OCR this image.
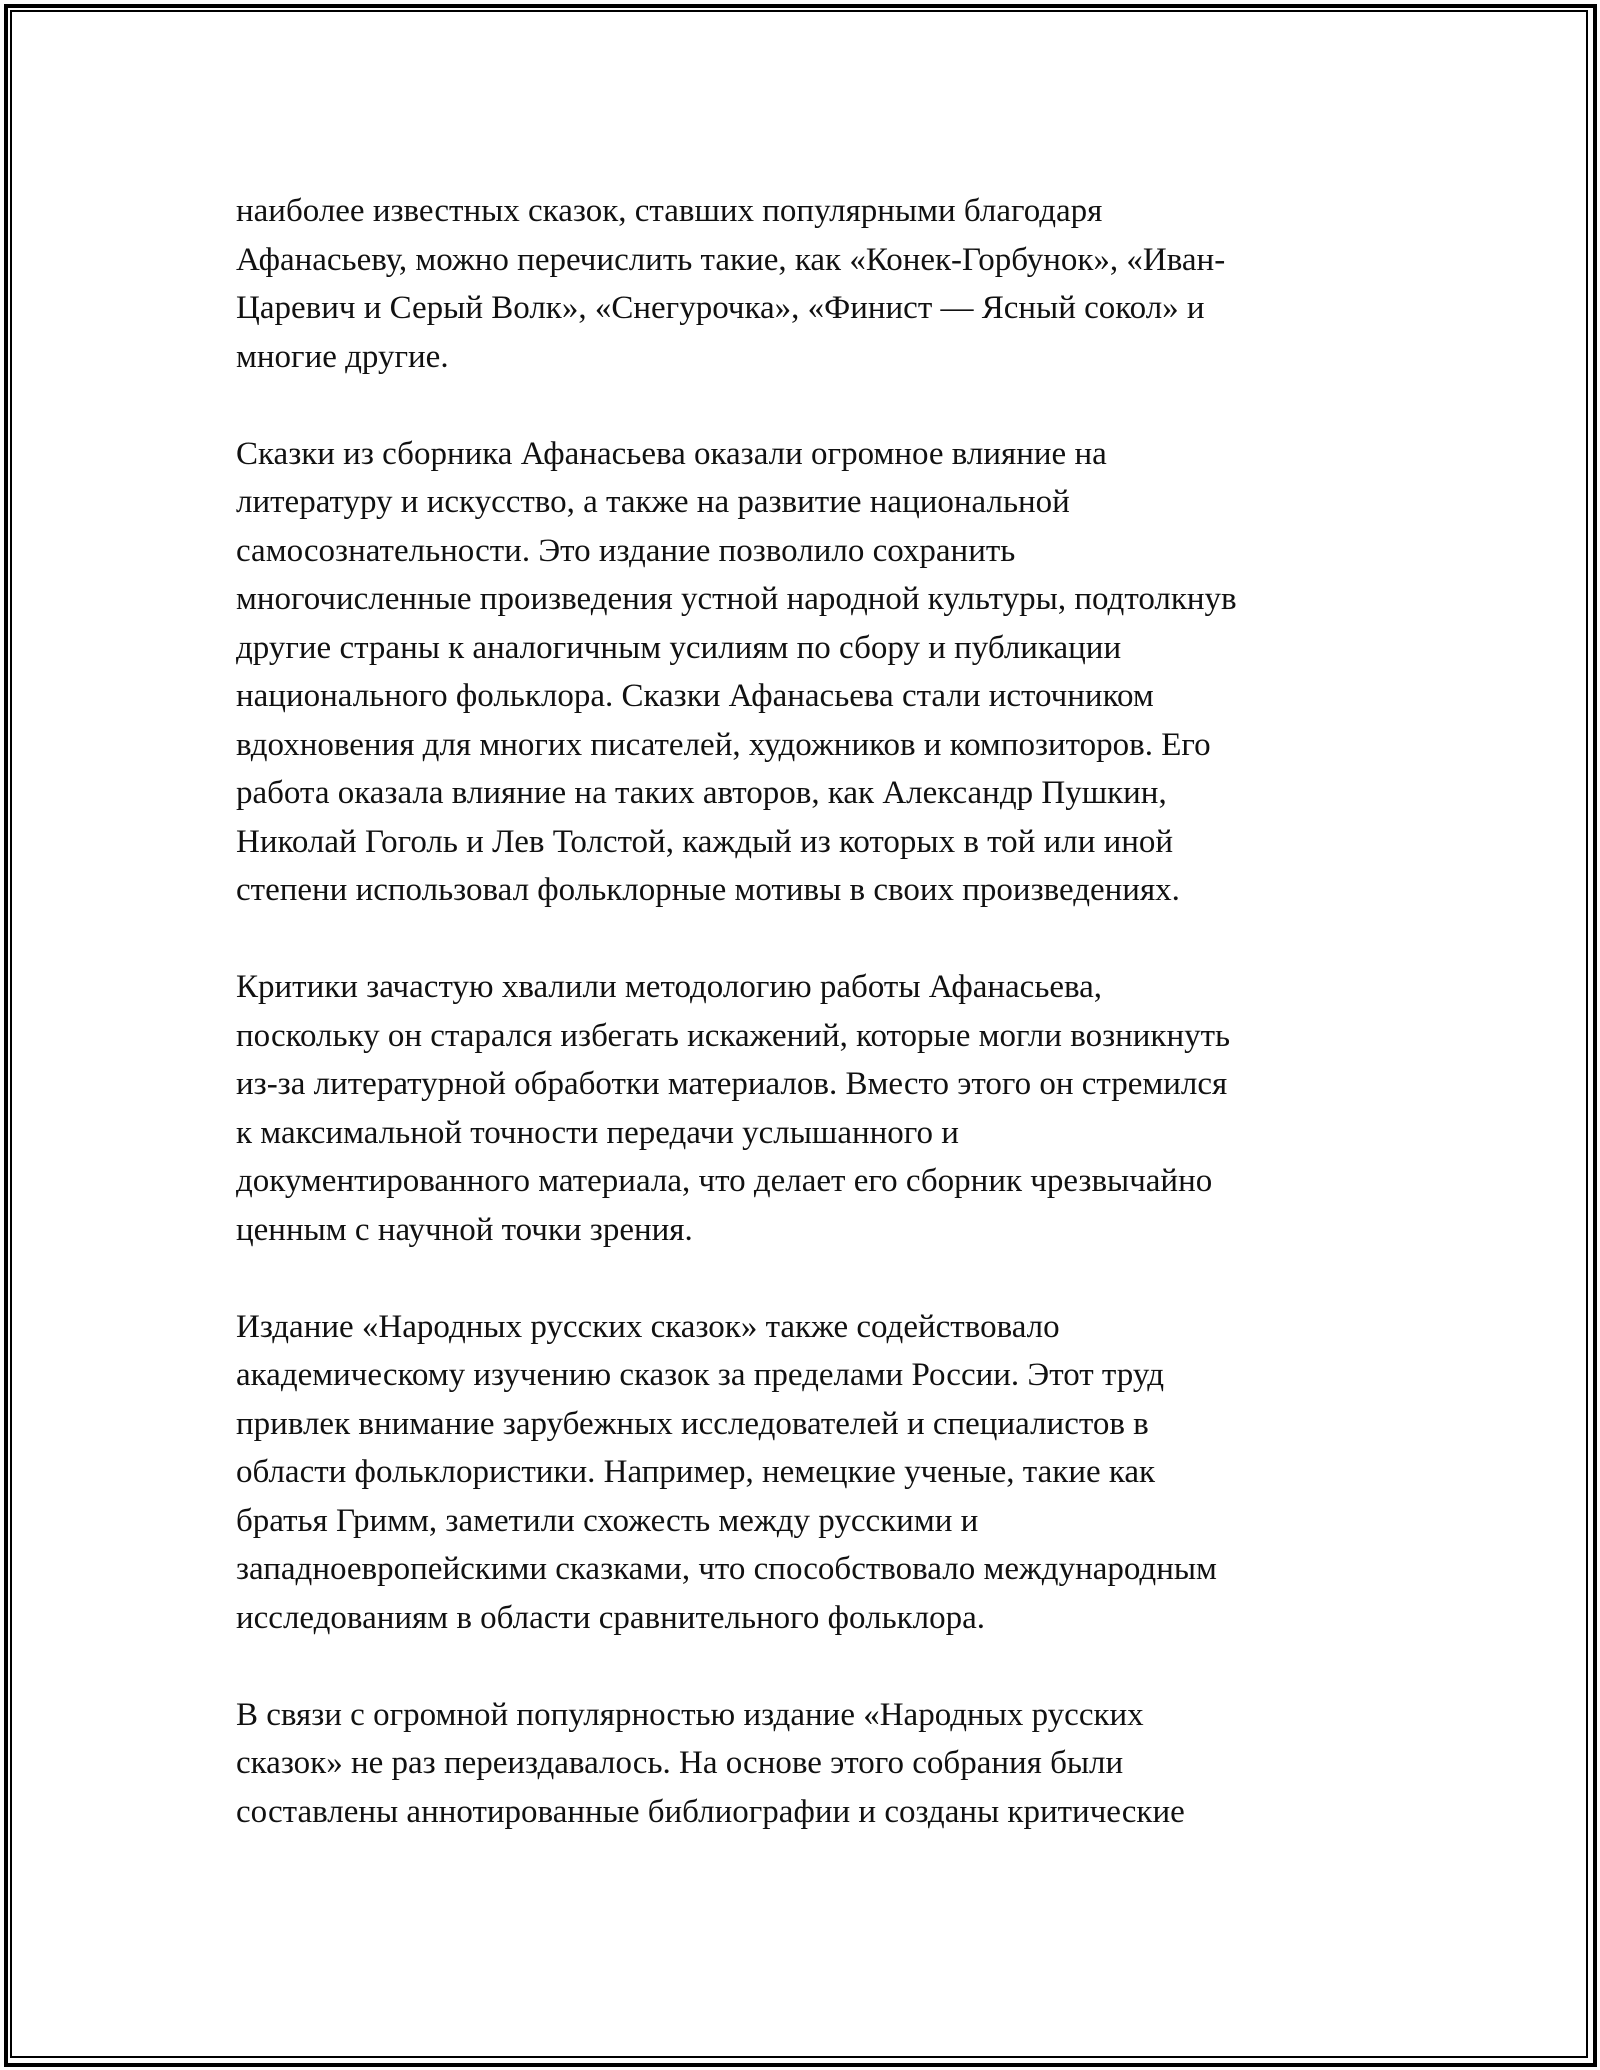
наиболее известных сказок, ставших популярными благодаря
Афанасьеву, можно перечислить такие, как «Конек-Горбунок», «Иван-
Царевич и Серый Волк», «Снегурочка», «Финист — Ясный сокол» и
многие другие.

Сказки из сборника Афанасьева оказали огромное влияние на
литературу и искусство, а также на развитие национальной
самосознательности. Это издание позволило сохранить
многочисленные произведения устной народной культуры, подтолкнув
другие страны к аналогичным усилиям по сбору и публикации
национального фольклора. Сказки Афанасьева стали источником
вдохновения для многих писателей, художников и композиторов. Его
работа оказала влияние на таких авторов, как Александр Пушкин,
Николай Гоголь и Лев Толстой, каждый из которых в той или иной
степени использовал фольклорные мотивы в своих произведениях.

Критики зачастую хвалили методологию работы Афанасьева,
поскольку он старался избегать искажений, которые могли возникнуть
из-за литературной обработки материалов. Вместо этого он стремился
к максимальной точности передачи услышанного и
документированного материала, что делает его сборник чрезвычайно
ценным с научной точки зрения.

Издание «Народных русских сказок» также содействовало
академическому изучению сказок за пределами России. Этот труд
привлек внимание зарубежных исследователей и специалистов в
области фольклористики. Например, немецкие ученые, такие как
братья Гримм, заметили схожесть между русскими и
западноевропейскими сказками, что способствовало международным
исследованиям в области сравнительного фольклора.

В связи с огромной популярностью издание «Народных русских
сказок» не раз переиздавалось. На основе этого собрания были
составлены аннотированные библиографии и созданы критические
